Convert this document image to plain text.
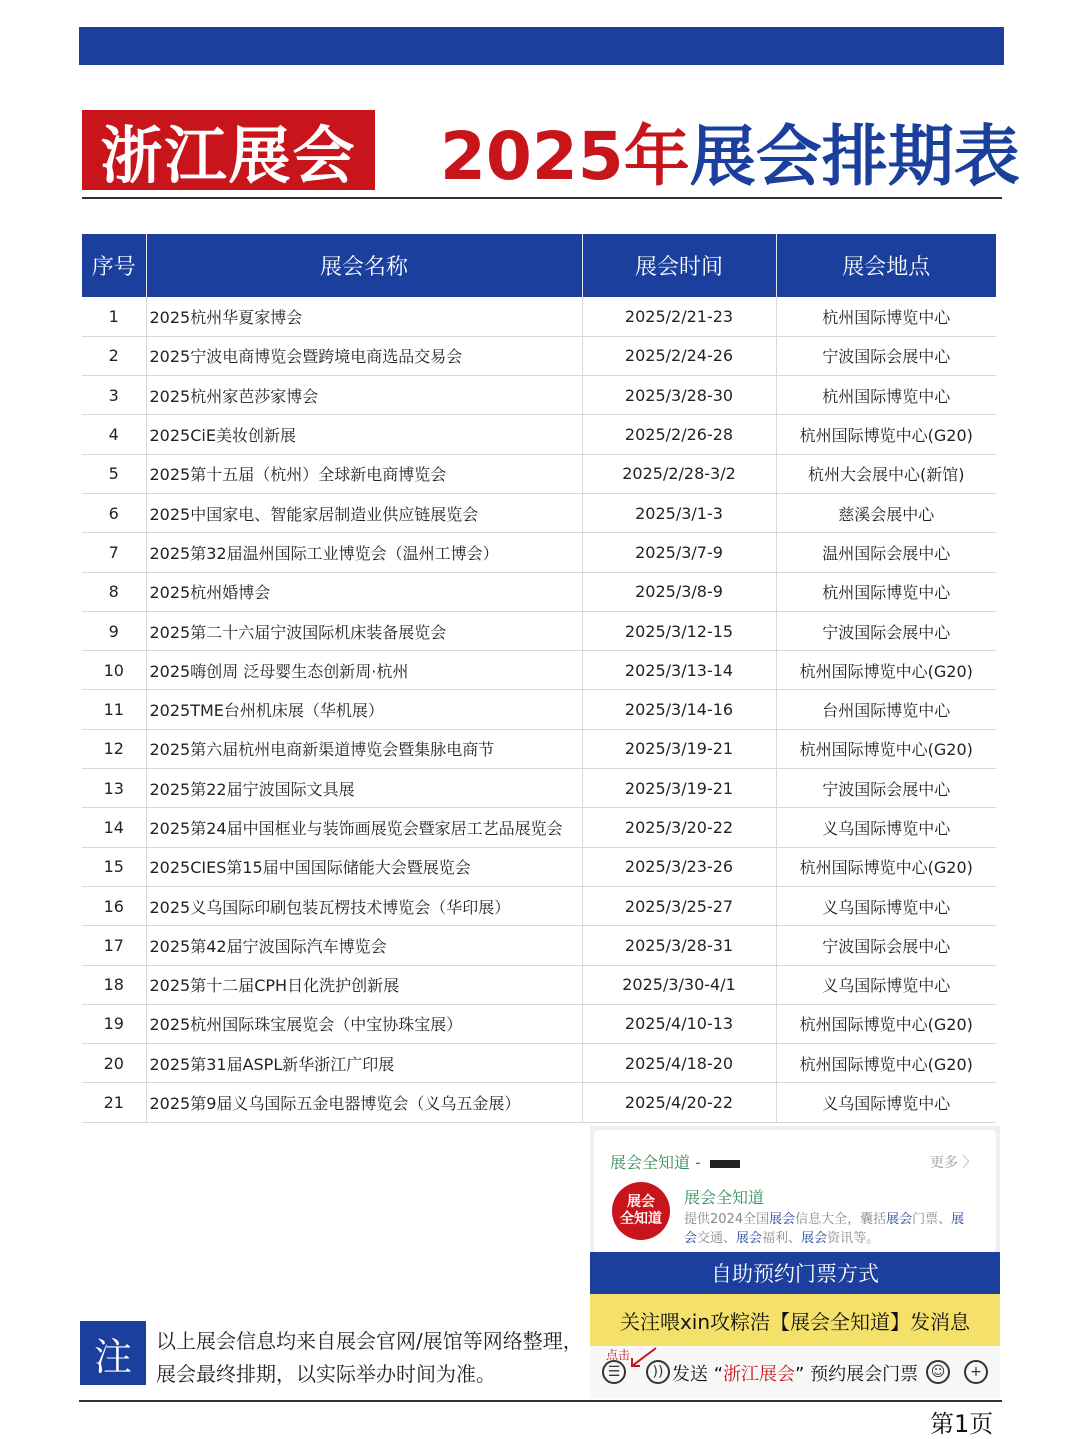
浙江展会 2025年 展会排期表
序号	展会名称	展会时间	展会地点
1	2025杭州华夏家博会	2025/2/21-23	杭州国际博览中心
2	2025宁波电商博览会暨跨境电商选品交易会	2025/2/24-26	宁波国际会展中心
3	2025杭州家芭莎家博会	2025/3/28-30	杭州国际博览中心
4	2025CiE美妆创新展	2025/2/26-28	杭州国际博览中心(G20)
5	2025第十五届（杭州）全球新电商博览会	2025/2/28-3/2	杭州大会展中心(新馆)
6	2025中国家电、智能家居制造业供应链展览会	2025/3/1-3	慈溪会展中心
7	2025第32届温州国际工业博览会（温州工博会）	2025/3/7-9	温州国际会展中心
8	2025杭州婚博会	2025/3/8-9	杭州国际博览中心
9	2025第二十六届宁波国际机床装备展览会	2025/3/12-15	宁波国际会展中心
10	2025嗨创周 泛母婴生态创新周·杭州	2025/3/13-14	杭州国际博览中心(G20)
11	2025TME台州机床展（华机展）	2025/3/14-16	台州国际博览中心
12	2025第六届杭州电商新渠道博览会暨集脉电商节	2025/3/19-21	杭州国际博览中心(G20)
13	2025第22届宁波国际文具展	2025/3/19-21	宁波国际会展中心
14	2025第24届中国框业与装饰画展览会暨家居工艺品展览会	2025/3/20-22	义乌国际博览中心
15	2025CIES第15届中国国际储能大会暨展览会	2025/3/23-26	杭州国际博览中心(G20)
16	2025义乌国际印刷包装瓦楞技术博览会（华印展）	2025/3/25-27	义乌国际博览中心
17	2025第42届宁波国际汽车博览会	2025/3/28-31	宁波国际会展中心
18	2025第十二届CPH日化洗护创新展	2025/3/30-4/1	义乌国际博览中心
19	2025杭州国际珠宝展览会（中宝协珠宝展）	2025/4/10-13	杭州国际博览中心(G20)
20	2025第31届ASPL新华浙江广印展	2025/4/18-20	杭州国际博览中心(G20)
21	2025第9届义乌国际五金电器博览会（义乌五金展）	2025/4/20-22	义乌国际博览中心
注	以上展会信息均来自展会官网/展馆等网络整理，
展会最终排期，以实际举办时间为准。
展会全知道 -	更多 〉
展会
全知道
展会全知道
提供2024全国展会信息大全，囊括展会门票、展会交通、展会福利、展会资讯等。
自助预约门票方式
关注喂xin攻粽浩【展会全知道】发消息
点击
☰	)) 发送 “浙江展会” 预约展会门票 ☺	+
第1页
